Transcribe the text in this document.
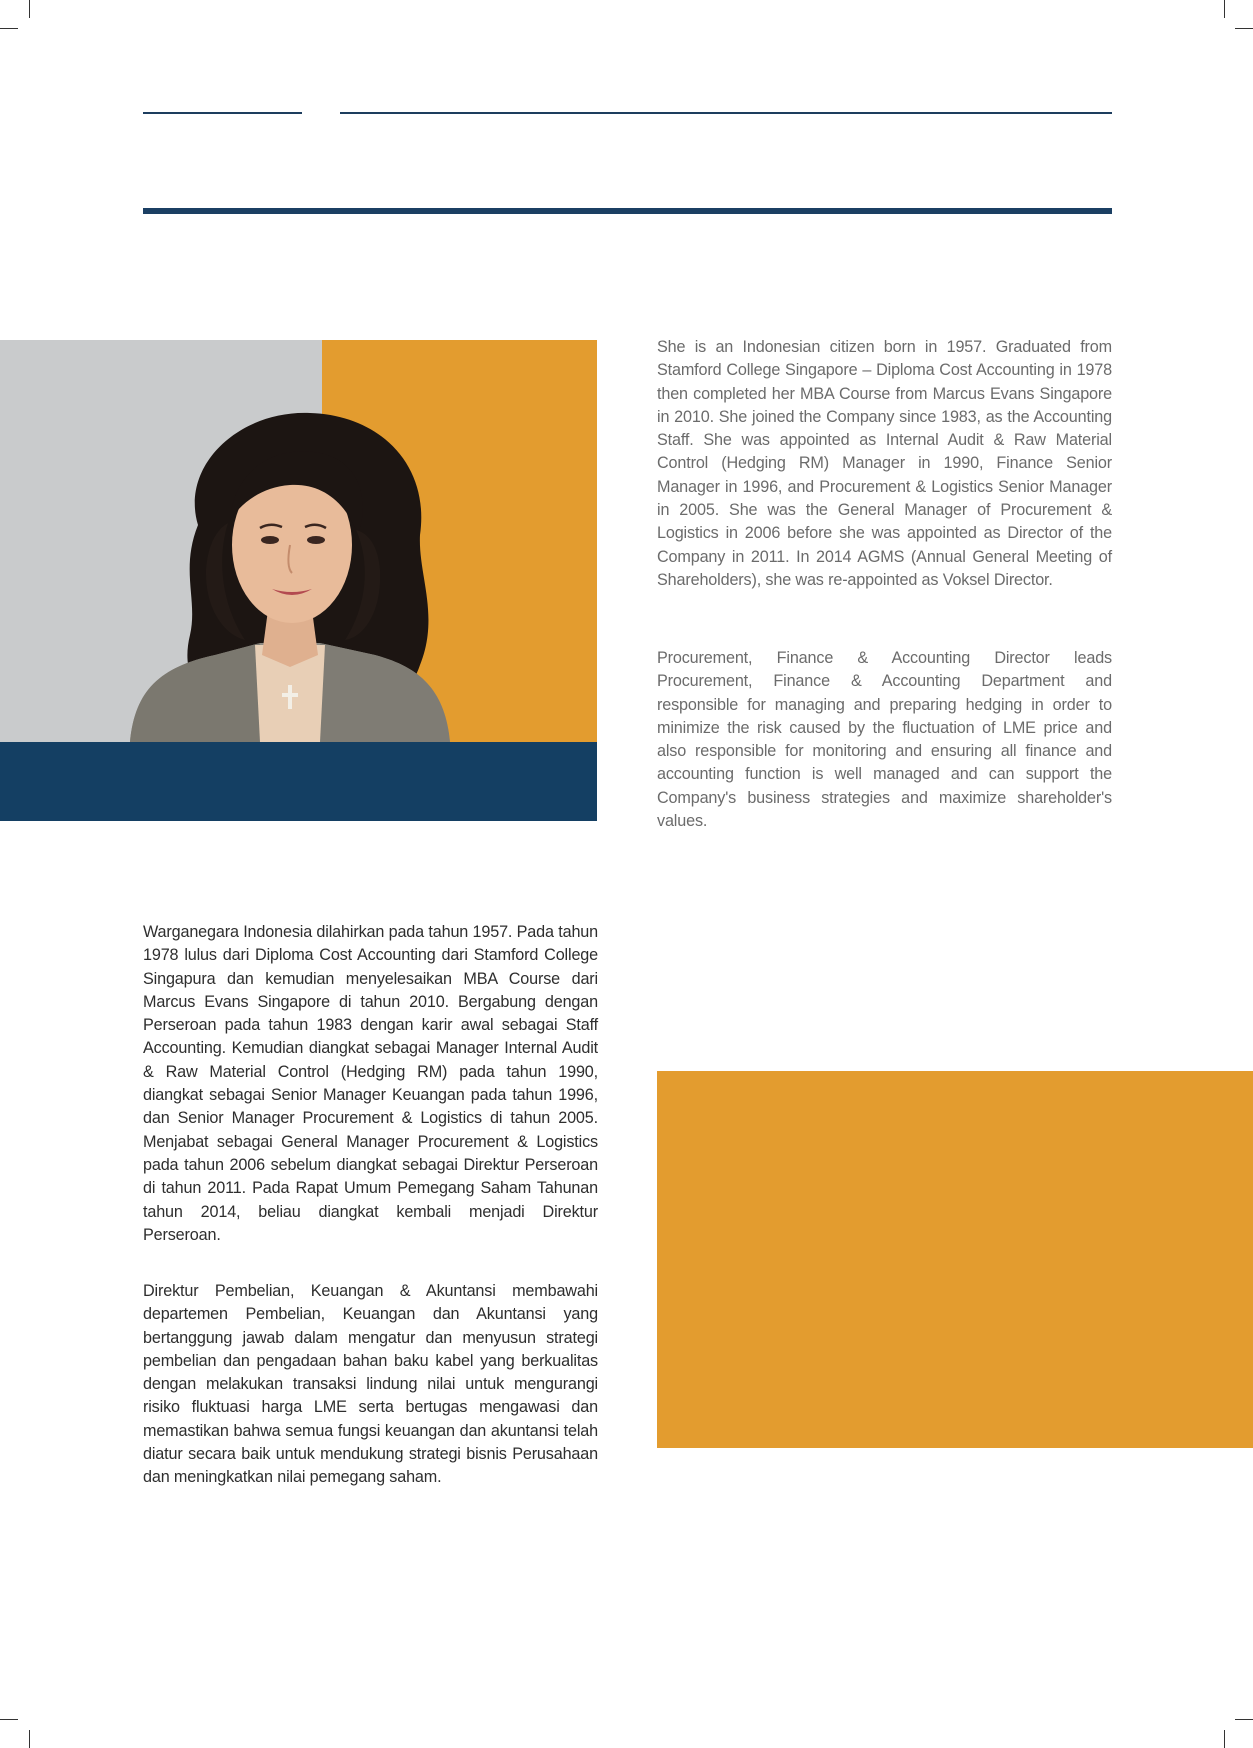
She is an Indonesian citizen born in 1957. Graduated from Stamford College Singapore – Diploma Cost Accounting in 1978 then completed her MBA Course from Marcus Evans Singapore in 2010. She joined the Company since 1983, as the Accounting Staff. She was appointed as Internal Audit & Raw Material Control (Hedging RM) Manager in 1990, Finance Senior Manager in 1996, and Procurement & Logistics Senior Manager in 2005. She was the General Manager of Procurement & Logistics in 2006 before she was appointed as Director of the Company in 2011. In 2014 AGMS (Annual General Meeting of Shareholders), she was re-appointed as Voksel Director.

Procurement, Finance & Accounting Director leads Procurement, Finance & Accounting Department and responsible for managing and preparing hedging in order to minimize the risk caused by the fluctuation of LME price and also responsible for monitoring and ensuring all finance and accounting function is well managed and can support the Company's business strategies and maximize shareholder's values.

Warganegara Indonesia dilahirkan pada tahun 1957. Pada tahun 1978 lulus dari Diploma Cost Accounting dari Stamford College Singapura dan kemudian menyelesaikan MBA Course dari Marcus Evans Singapore di tahun 2010. Bergabung dengan Perseroan pada tahun 1983 dengan karir awal sebagai Staff Accounting. Kemudian diangkat sebagai Manager Internal Audit & Raw Material Control (Hedging RM) pada tahun 1990, diangkat sebagai Senior Manager Keuangan pada tahun 1996, dan Senior Manager Procurement & Logistics di tahun 2005. Menjabat sebagai General Manager Procurement & Logistics pada tahun 2006 sebelum diangkat sebagai Direktur Perseroan di tahun 2011. Pada Rapat Umum Pemegang Saham Tahunan tahun 2014, beliau diangkat kembali menjadi Direktur Perseroan.

Direktur Pembelian, Keuangan & Akuntansi membawahi departemen Pembelian, Keuangan dan Akuntansi yang bertanggung jawab dalam mengatur dan menyusun strategi pembelian dan pengadaan bahan baku kabel yang berkualitas dengan melakukan transaksi lindung nilai untuk mengurangi risiko fluktuasi harga LME serta bertugas mengawasi dan memastikan bahwa semua fungsi keuangan dan akuntansi telah diatur secara baik untuk mendukung strategi bisnis Perusahaan dan meningkatkan nilai pemegang saham.
